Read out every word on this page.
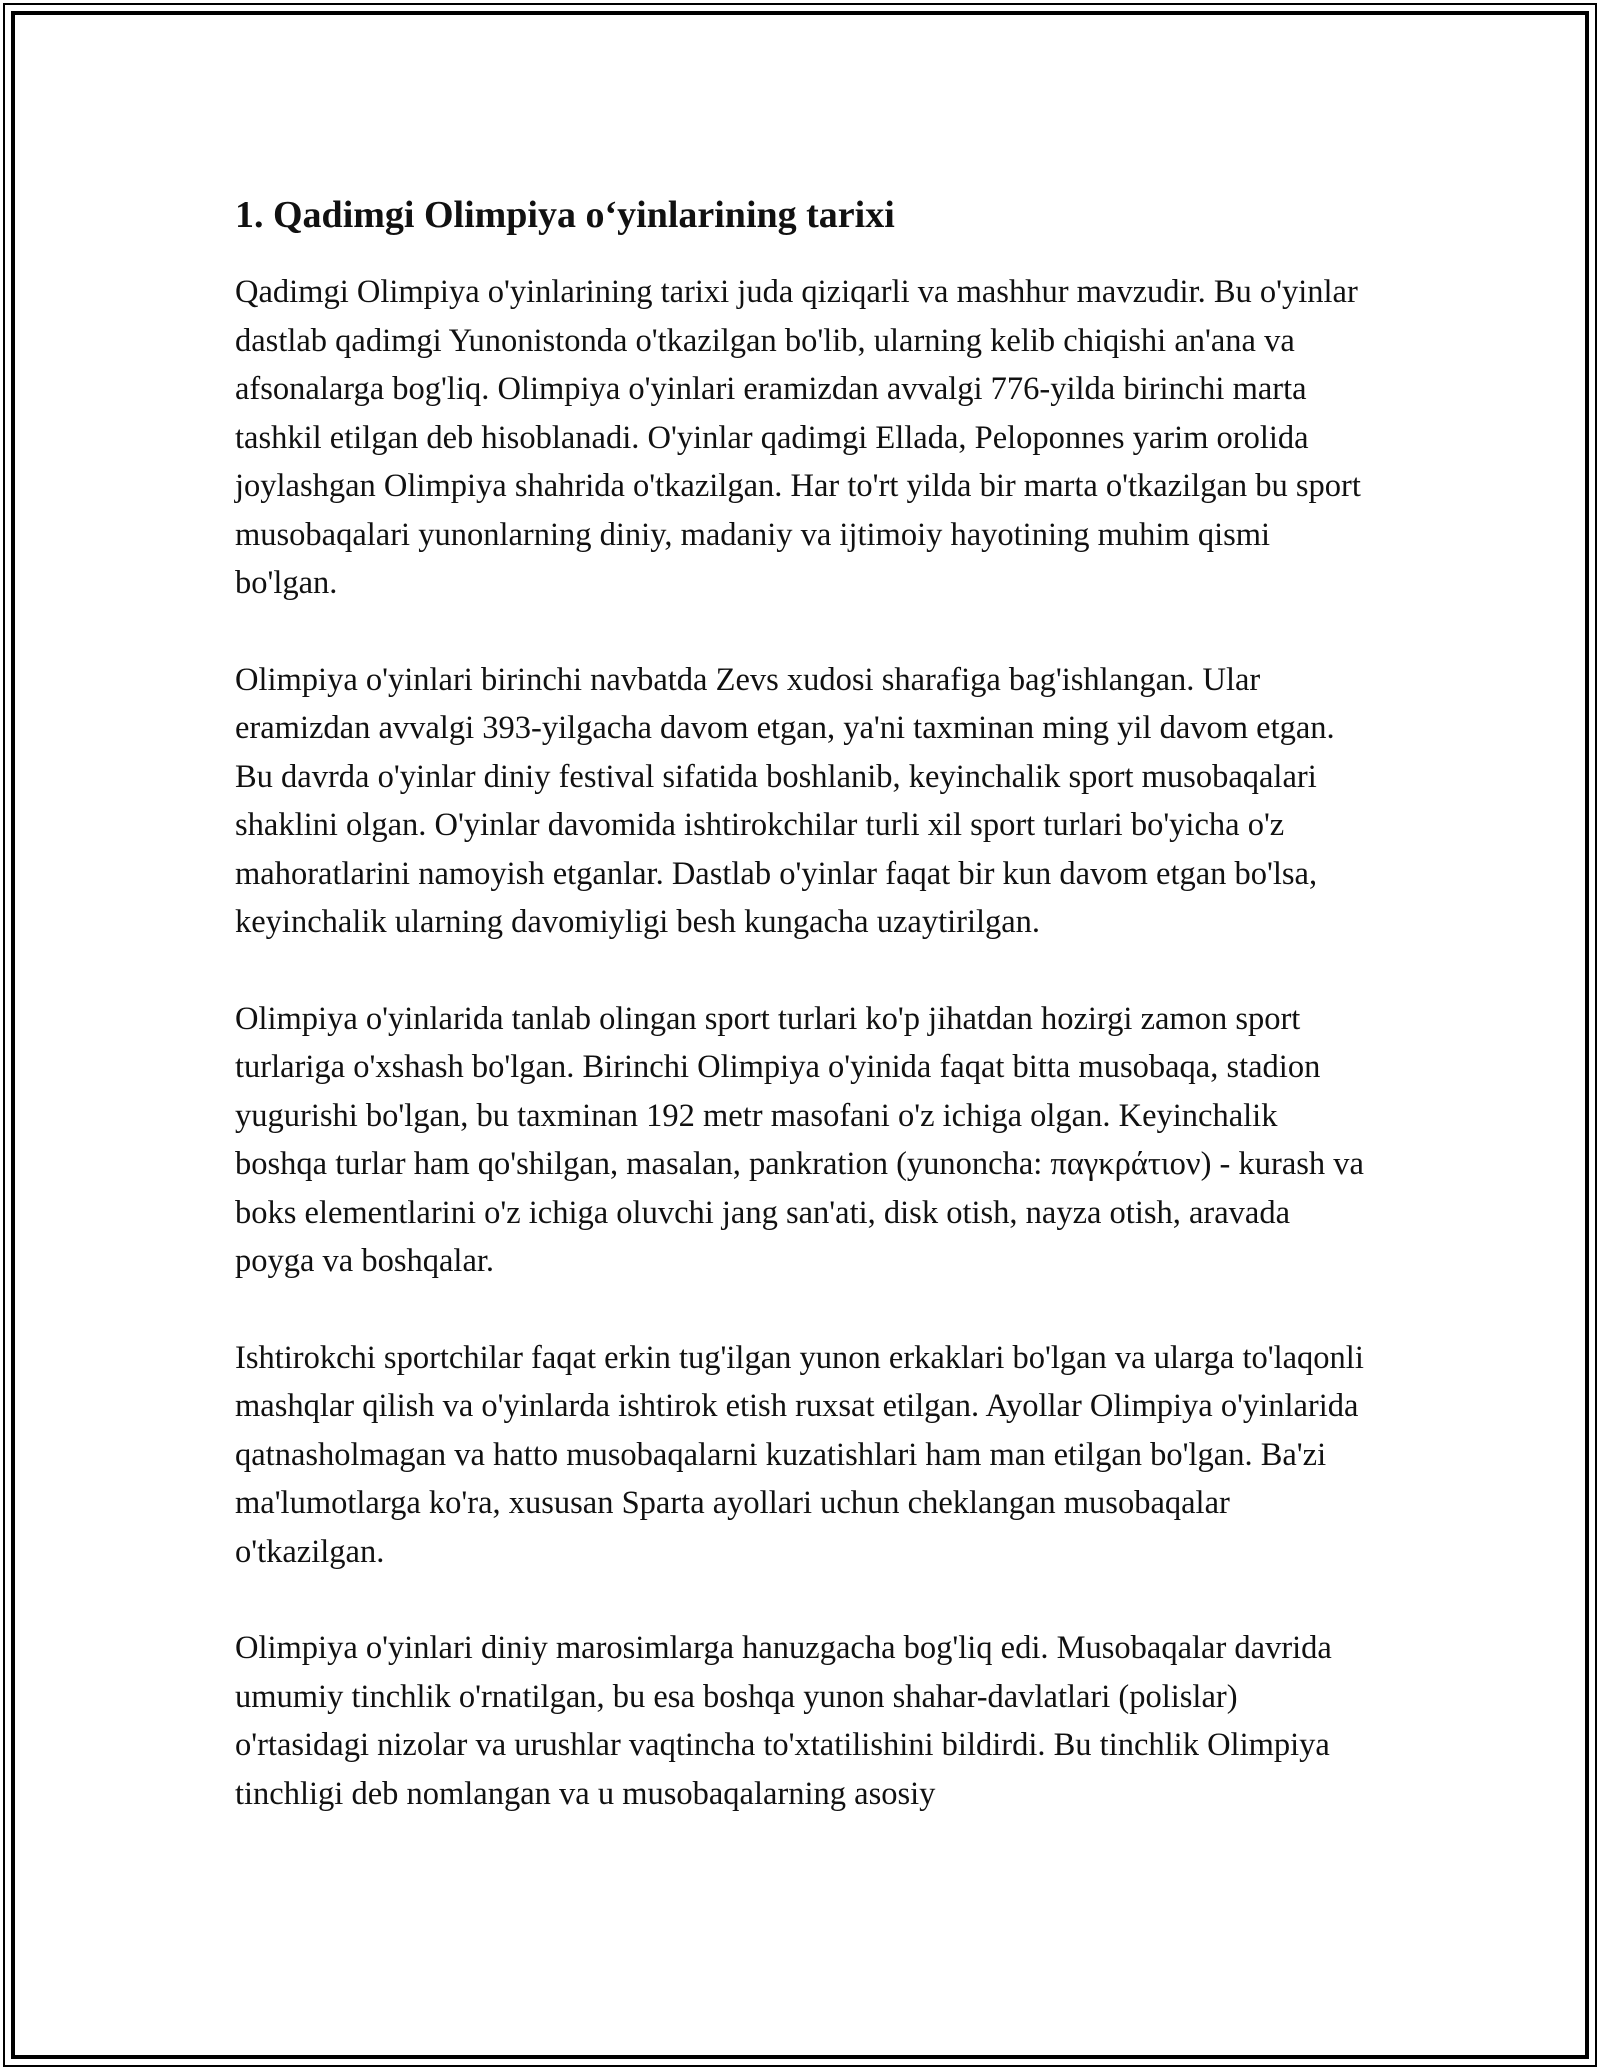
1. Qadimgi Olimpiya o‘yinlarining tarixi

Qadimgi Olimpiya o'yinlarining tarixi juda qiziqarli va mashhur mavzudir. Bu o'yinlar dastlab qadimgi Yunonistonda o'tkazilgan bo'lib, ularning kelib chiqishi an'ana va afsonalarga bog'liq. Olimpiya o'yinlari eramizdan avvalgi 776-yilda birinchi marta tashkil etilgan deb hisoblanadi. O'yinlar qadimgi Ellada, Peloponnes yarim orolida joylashgan Olimpiya shahrida o'tkazilgan. Har to'rt yilda bir marta o'tkazilgan bu sport musobaqalari yunonlarning diniy, madaniy va ijtimoiy hayotining muhim qismi bo'lgan.

Olimpiya o'yinlari birinchi navbatda Zevs xudosi sharafiga bag'ishlangan. Ular eramizdan avvalgi 393-yilgacha davom etgan, ya'ni taxminan ming yil davom etgan. Bu davrda o'yinlar diniy festival sifatida boshlanib, keyinchalik sport musobaqalari shaklini olgan. O'yinlar davomida ishtirokchilar turli xil sport turlari bo'yicha o'z mahoratlarini namoyish etganlar. Dastlab o'yinlar faqat bir kun davom etgan bo'lsa, keyinchalik ularning davomiyligi besh kungacha uzaytirilgan.

Olimpiya o'yinlarida tanlab olingan sport turlari ko'p jihatdan hozirgi zamon sport turlariga o'xshash bo'lgan. Birinchi Olimpiya o'yinida faqat bitta musobaqa, stadion yugurishi bo'lgan, bu taxminan 192 metr masofani o'z ichiga olgan. Keyinchalik boshqa turlar ham qo'shilgan, masalan, pankration (yunoncha: παγκράτιον) - kurash va boks elementlarini o'z ichiga oluvchi jang san'ati, disk otish, nayza otish, aravada poyga va boshqalar.

Ishtirokchi sportchilar faqat erkin tug'ilgan yunon erkaklari bo'lgan va ularga to'laqonli mashqlar qilish va o'yinlarda ishtirok etish ruxsat etilgan. Ayollar Olimpiya o'yinlarida qatnasholmagan va hatto musobaqalarni kuzatishlari ham man etilgan bo'lgan. Ba'zi ma'lumotlarga ko'ra, xususan Sparta ayollari uchun cheklangan musobaqalar o'tkazilgan.

Olimpiya o'yinlari diniy marosimlarga hanuzgacha bog'liq edi. Musobaqalar davrida umumiy tinchlik o'rnatilgan, bu esa boshqa yunon shahar-davlatlari (polislar) o'rtasidagi nizolar va urushlar vaqtincha to'xtatilishini bildirdi. Bu tinchlik Olimpiya tinchligi deb nomlangan va u musobaqalarning asosiy
